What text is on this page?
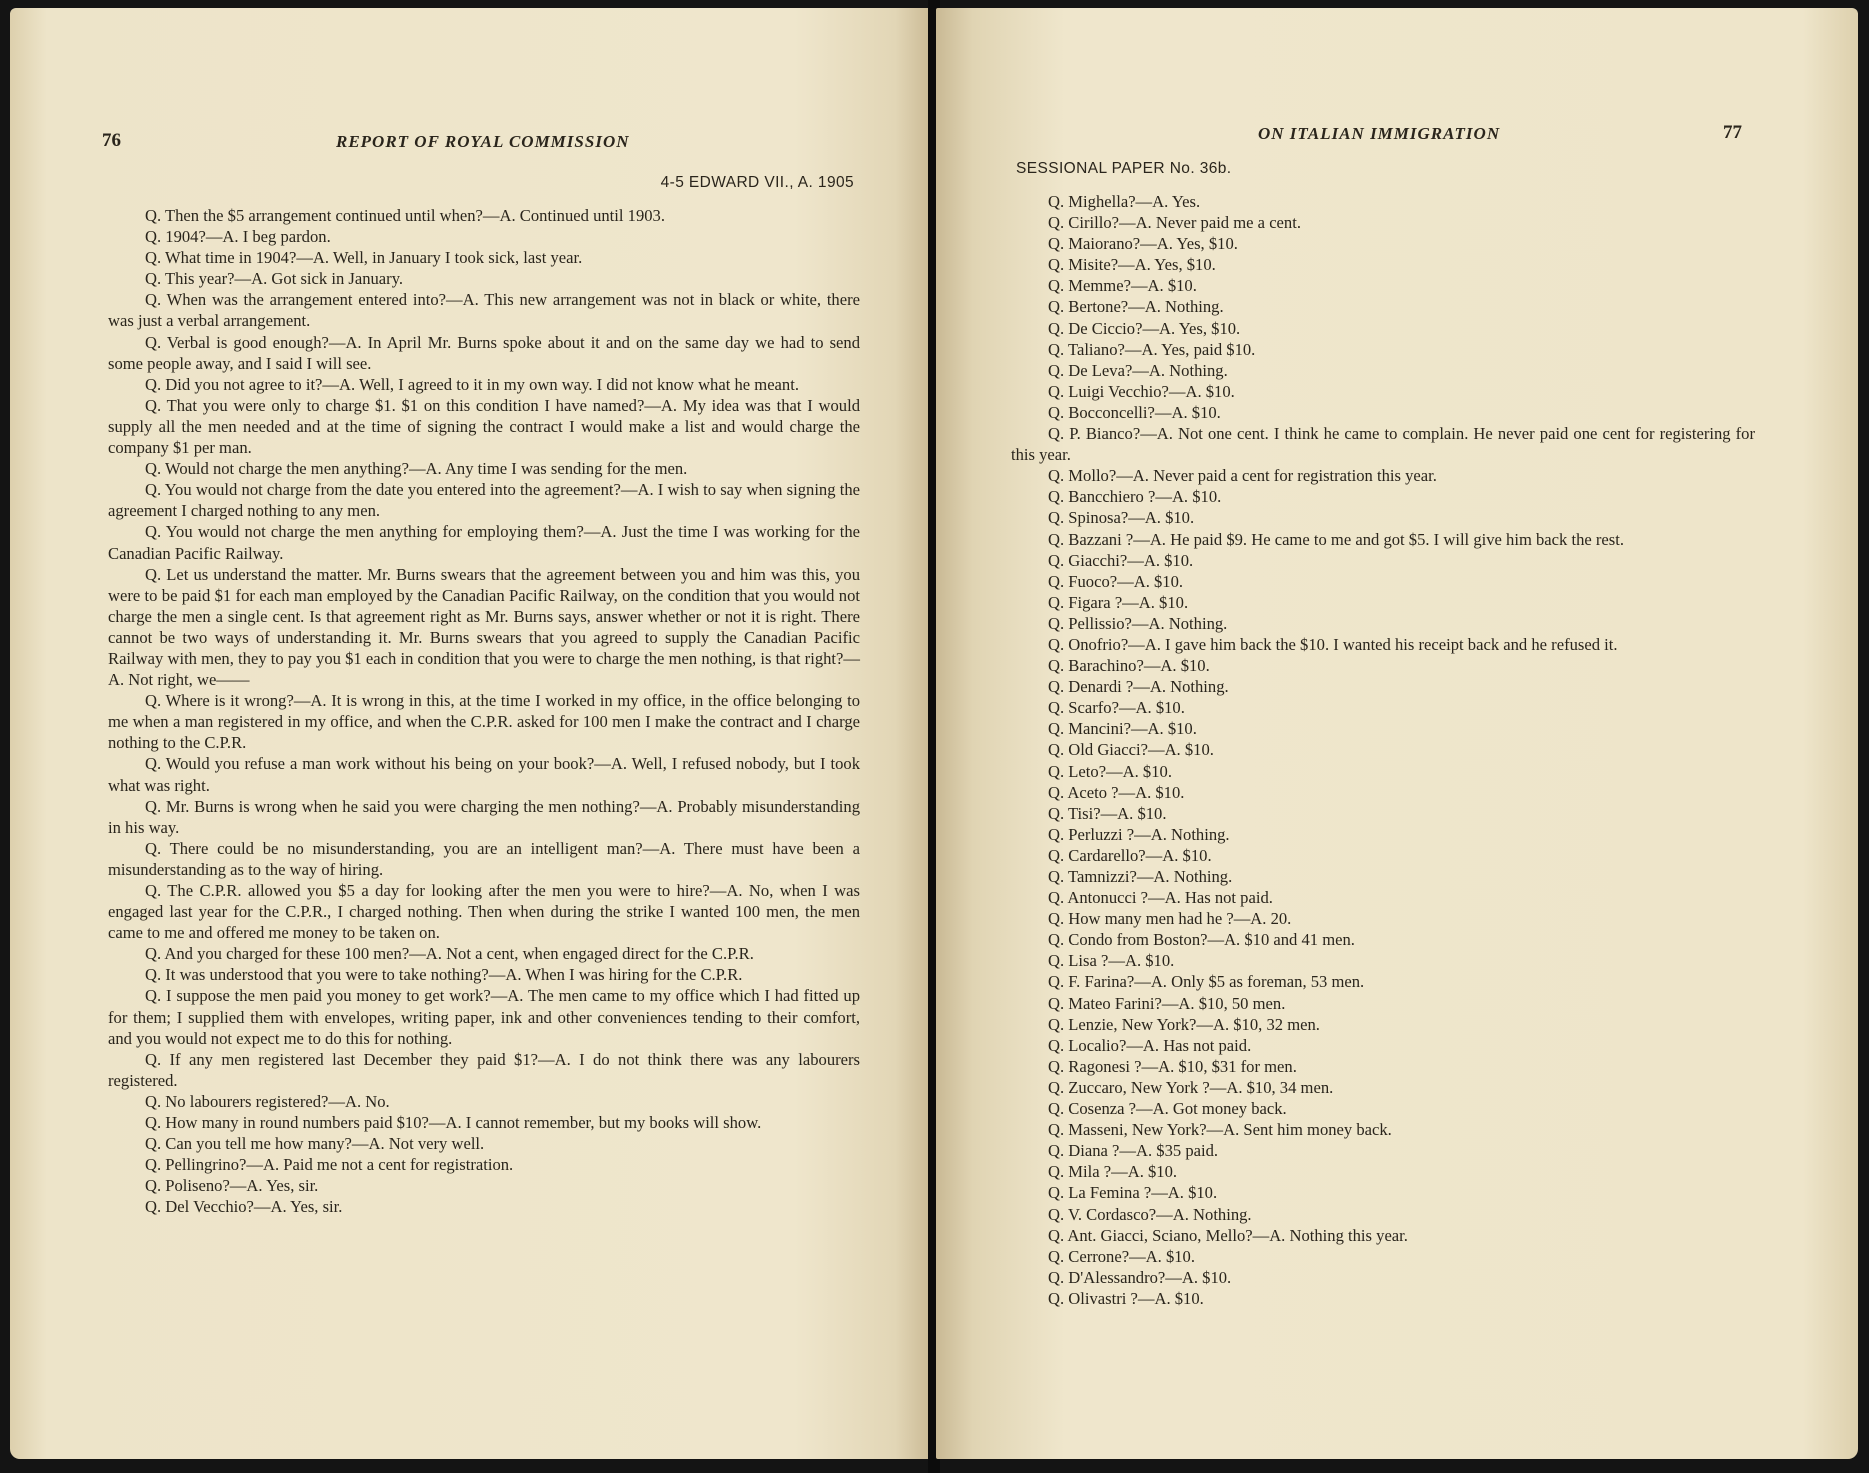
76	REPORT OF ROYAL COMMISSION
4-5 EDWARD VII., A. 1905

Q. Then the $5 arrangement continued until when?—A. Continued until 1903.

Q. 1904?—A. I beg pardon.

Q. What time in 1904?—A. Well, in January I took sick, last year.

Q. This year?—A. Got sick in January.

Q. When was the arrangement entered into?—A. This new arrangement was not in black or white, there was just a verbal arrangement.

Q. Verbal is good enough?—A. In April Mr. Burns spoke about it and on the same day we had to send some people away, and I said I will see.

Q. Did you not agree to it?—A. Well, I agreed to it in my own way. I did not know what he meant.

Q. That you were only to charge $1. $1 on this condition I have named?—A. My idea was that I would supply all the men needed and at the time of signing the contract I would make a list and would charge the company $1 per man.

Q. Would not charge the men anything?—A. Any time I was sending for the men.

Q. You would not charge from the date you entered into the agreement?—A. I wish to say when signing the agreement I charged nothing to any men.

Q. You would not charge the men anything for employing them?—A. Just the time I was working for the Canadian Pacific Railway.

Q. Let us understand the matter. Mr. Burns swears that the agreement between you and him was this, you were to be paid $1 for each man employed by the Canadian Pacific Railway, on the condition that you would not charge the men a single cent. Is that agreement right as Mr. Burns says, answer whether or not it is right. There cannot be two ways of understanding it. Mr. Burns swears that you agreed to supply the Canadian Pacific Railway with men, they to pay you $1 each in condition that you were to charge the men nothing, is that right?—A. Not right, we——

Q. Where is it wrong?—A. It is wrong in this, at the time I worked in my office, in the office belonging to me when a man registered in my office, and when the C.P.R. asked for 100 men I make the contract and I charge nothing to the C.P.R.

Q. Would you refuse a man work without his being on your book?—A. Well, I refused nobody, but I took what was right.

Q. Mr. Burns is wrong when he said you were charging the men nothing?—A. Probably misunderstanding in his way.

Q. There could be no misunderstanding, you are an intelligent man?—A. There must have been a misunderstanding as to the way of hiring.

Q. The C.P.R. allowed you $5 a day for looking after the men you were to hire?—A. No, when I was engaged last year for the C.P.R., I charged nothing. Then when during the strike I wanted 100 men, the men came to me and offered me money to be taken on.

Q. And you charged for these 100 men?—A. Not a cent, when engaged direct for the C.P.R.

Q. It was understood that you were to take nothing?—A. When I was hiring for the C.P.R.

Q. I suppose the men paid you money to get work?—A. The men came to my office which I had fitted up for them; I supplied them with envelopes, writing paper, ink and other conveniences tending to their comfort, and you would not expect me to do this for nothing.

Q. If any men registered last December they paid $1?—A. I do not think there was any labourers registered.

Q. No labourers registered?—A. No.

Q. How many in round numbers paid $10?—A. I cannot remember, but my books will show.

Q. Can you tell me how many?—A. Not very well.

Q. Pellingrino?—A. Paid me not a cent for registration.

Q. Poliseno?—A. Yes, sir.

Q. Del Vecchio?—A. Yes, sir.

ON ITALIAN IMMIGRATION	77
SESSIONAL PAPER No. 36b.

Q. Mighella?—A. Yes.

Q. Cirillo?—A. Never paid me a cent.

Q. Maiorano?—A. Yes, $10.

Q. Misite?—A. Yes, $10.

Q. Memme?—A. $10.

Q. Bertone?—A. Nothing.

Q. De Ciccio?—A. Yes, $10.

Q. Taliano?—A. Yes, paid $10.

Q. De Leva?—A. Nothing.

Q. Luigi Vecchio?—A. $10.

Q. Bocconcelli?—A. $10.

Q. P. Bianco?—A. Not one cent. I think he came to complain. He never paid one cent for registering for this year.

Q. Mollo?—A. Never paid a cent for registration this year.

Q. Bancchiero ?—A. $10.

Q. Spinosa?—A. $10.

Q. Bazzani ?—A. He paid $9. He came to me and got $5. I will give him back the rest.

Q. Giacchi?—A. $10.

Q. Fuoco?—A. $10.

Q. Figara ?—A. $10.

Q. Pellissio?—A. Nothing.

Q. Onofrio?—A. I gave him back the $10. I wanted his receipt back and he refused it.

Q. Barachino?—A. $10.

Q. Denardi ?—A. Nothing.

Q. Scarfo?—A. $10.

Q. Mancini?—A. $10.

Q. Old Giacci?—A. $10.

Q. Leto?—A. $10.

Q. Aceto ?—A. $10.

Q. Tisi?—A. $10.

Q. Perluzzi ?—A. Nothing.

Q. Cardarello?—A. $10.

Q. Tamnizzi?—A. Nothing.

Q. Antonucci ?—A. Has not paid.

Q. How many men had he ?—A. 20.

Q. Condo from Boston?—A. $10 and 41 men.

Q. Lisa ?—A. $10.

Q. F. Farina?—A. Only $5 as foreman, 53 men.

Q. Mateo Farini?—A. $10, 50 men.

Q. Lenzie, New York?—A. $10, 32 men.

Q. Localio?—A. Has not paid.

Q. Ragonesi ?—A. $10, $31 for men.

Q. Zuccaro, New York ?—A. $10, 34 men.

Q. Cosenza ?—A. Got money back.

Q. Masseni, New York?—A. Sent him money back.

Q. Diana ?—A. $35 paid.

Q. Mila ?—A. $10.

Q. La Femina ?—A. $10.

Q. V. Cordasco?—A. Nothing.

Q. Ant. Giacci, Sciano, Mello?—A. Nothing this year.

Q. Cerrone?—A. $10.

Q. D'Alessandro?—A. $10.

Q. Olivastri ?—A. $10.
